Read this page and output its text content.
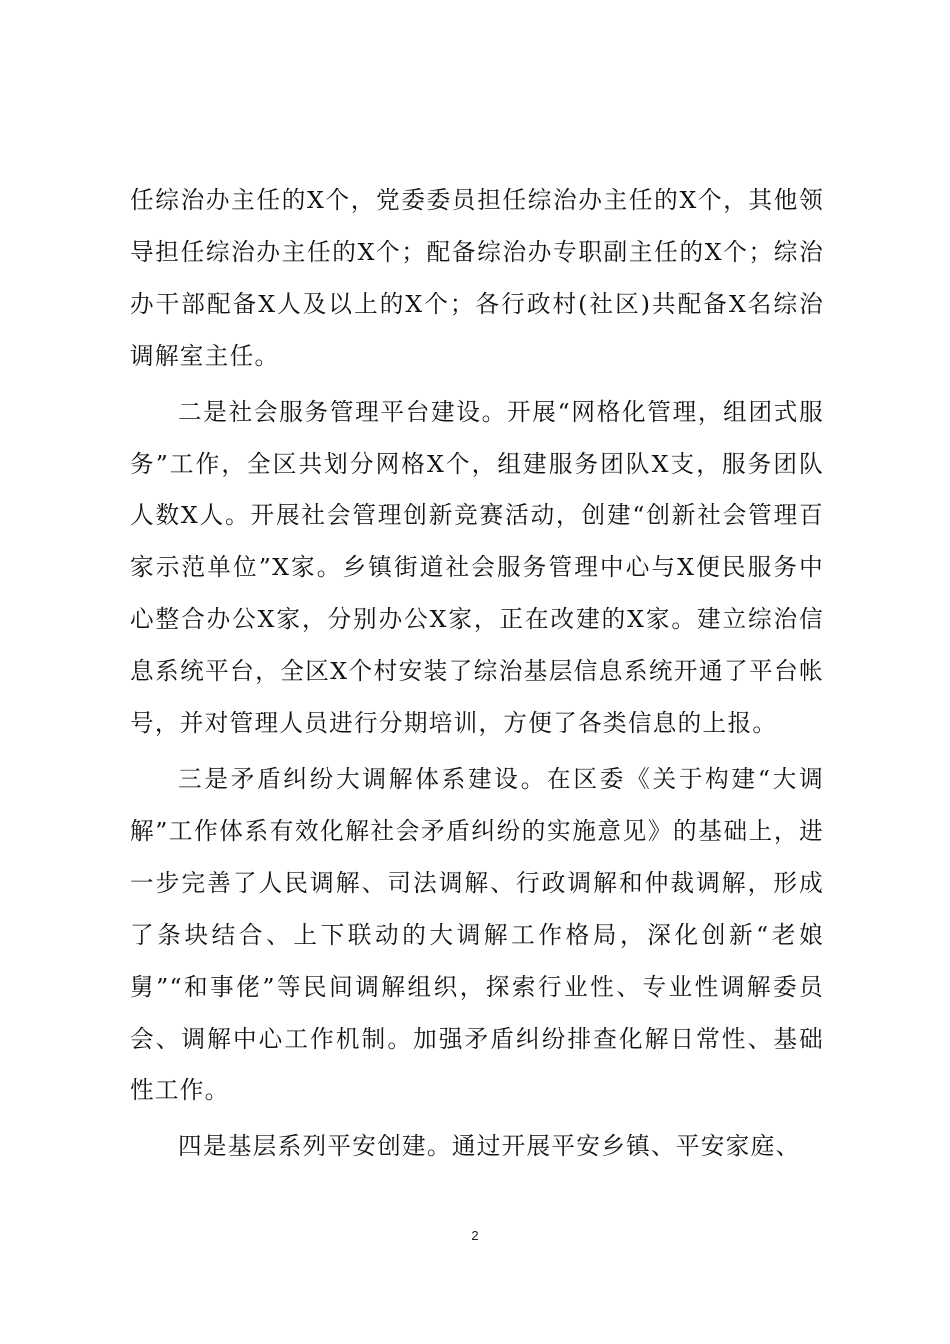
任综治办主任的X个，党委委员担任综治办主任的X个，其他领导担任综治办主任的X个；配备综治办专职副主任的X个；综治办干部配备X人及以上的X个；各行政村(社区)共配备X名综治调解室主任。

二是社会服务管理平台建设。开展“网格化管理，组团式服务”工作，全区共划分网格X个，组建服务团队X支，服务团队人数X人。开展社会管理创新竞赛活动，创建“创新社会管理百家示范单位”X家。乡镇街道社会服务管理中心与X便民服务中心整合办公X家，分别办公X家，正在改建的X家。建立综治信息系统平台，全区X个村安装了综治基层信息系统开通了平台帐号，并对管理人员进行分期培训，方便了各类信息的上报。

三是矛盾纠纷大调解体系建设。在区委《关于构建“大调解”工作体系有效化解社会矛盾纠纷的实施意见》的基础上，进一步完善了人民调解、司法调解、行政调解和仲裁调解，形成了条块结合、上下联动的大调解工作格局，深化创新“老娘舅”“和事佬”等民间调解组织，探索行业性、专业性调解委员会、调解中心工作机制。加强矛盾纠纷排查化解日常性、基础性工作。

四是基层系列平安创建。通过开展平安乡镇、平安家庭、

2
